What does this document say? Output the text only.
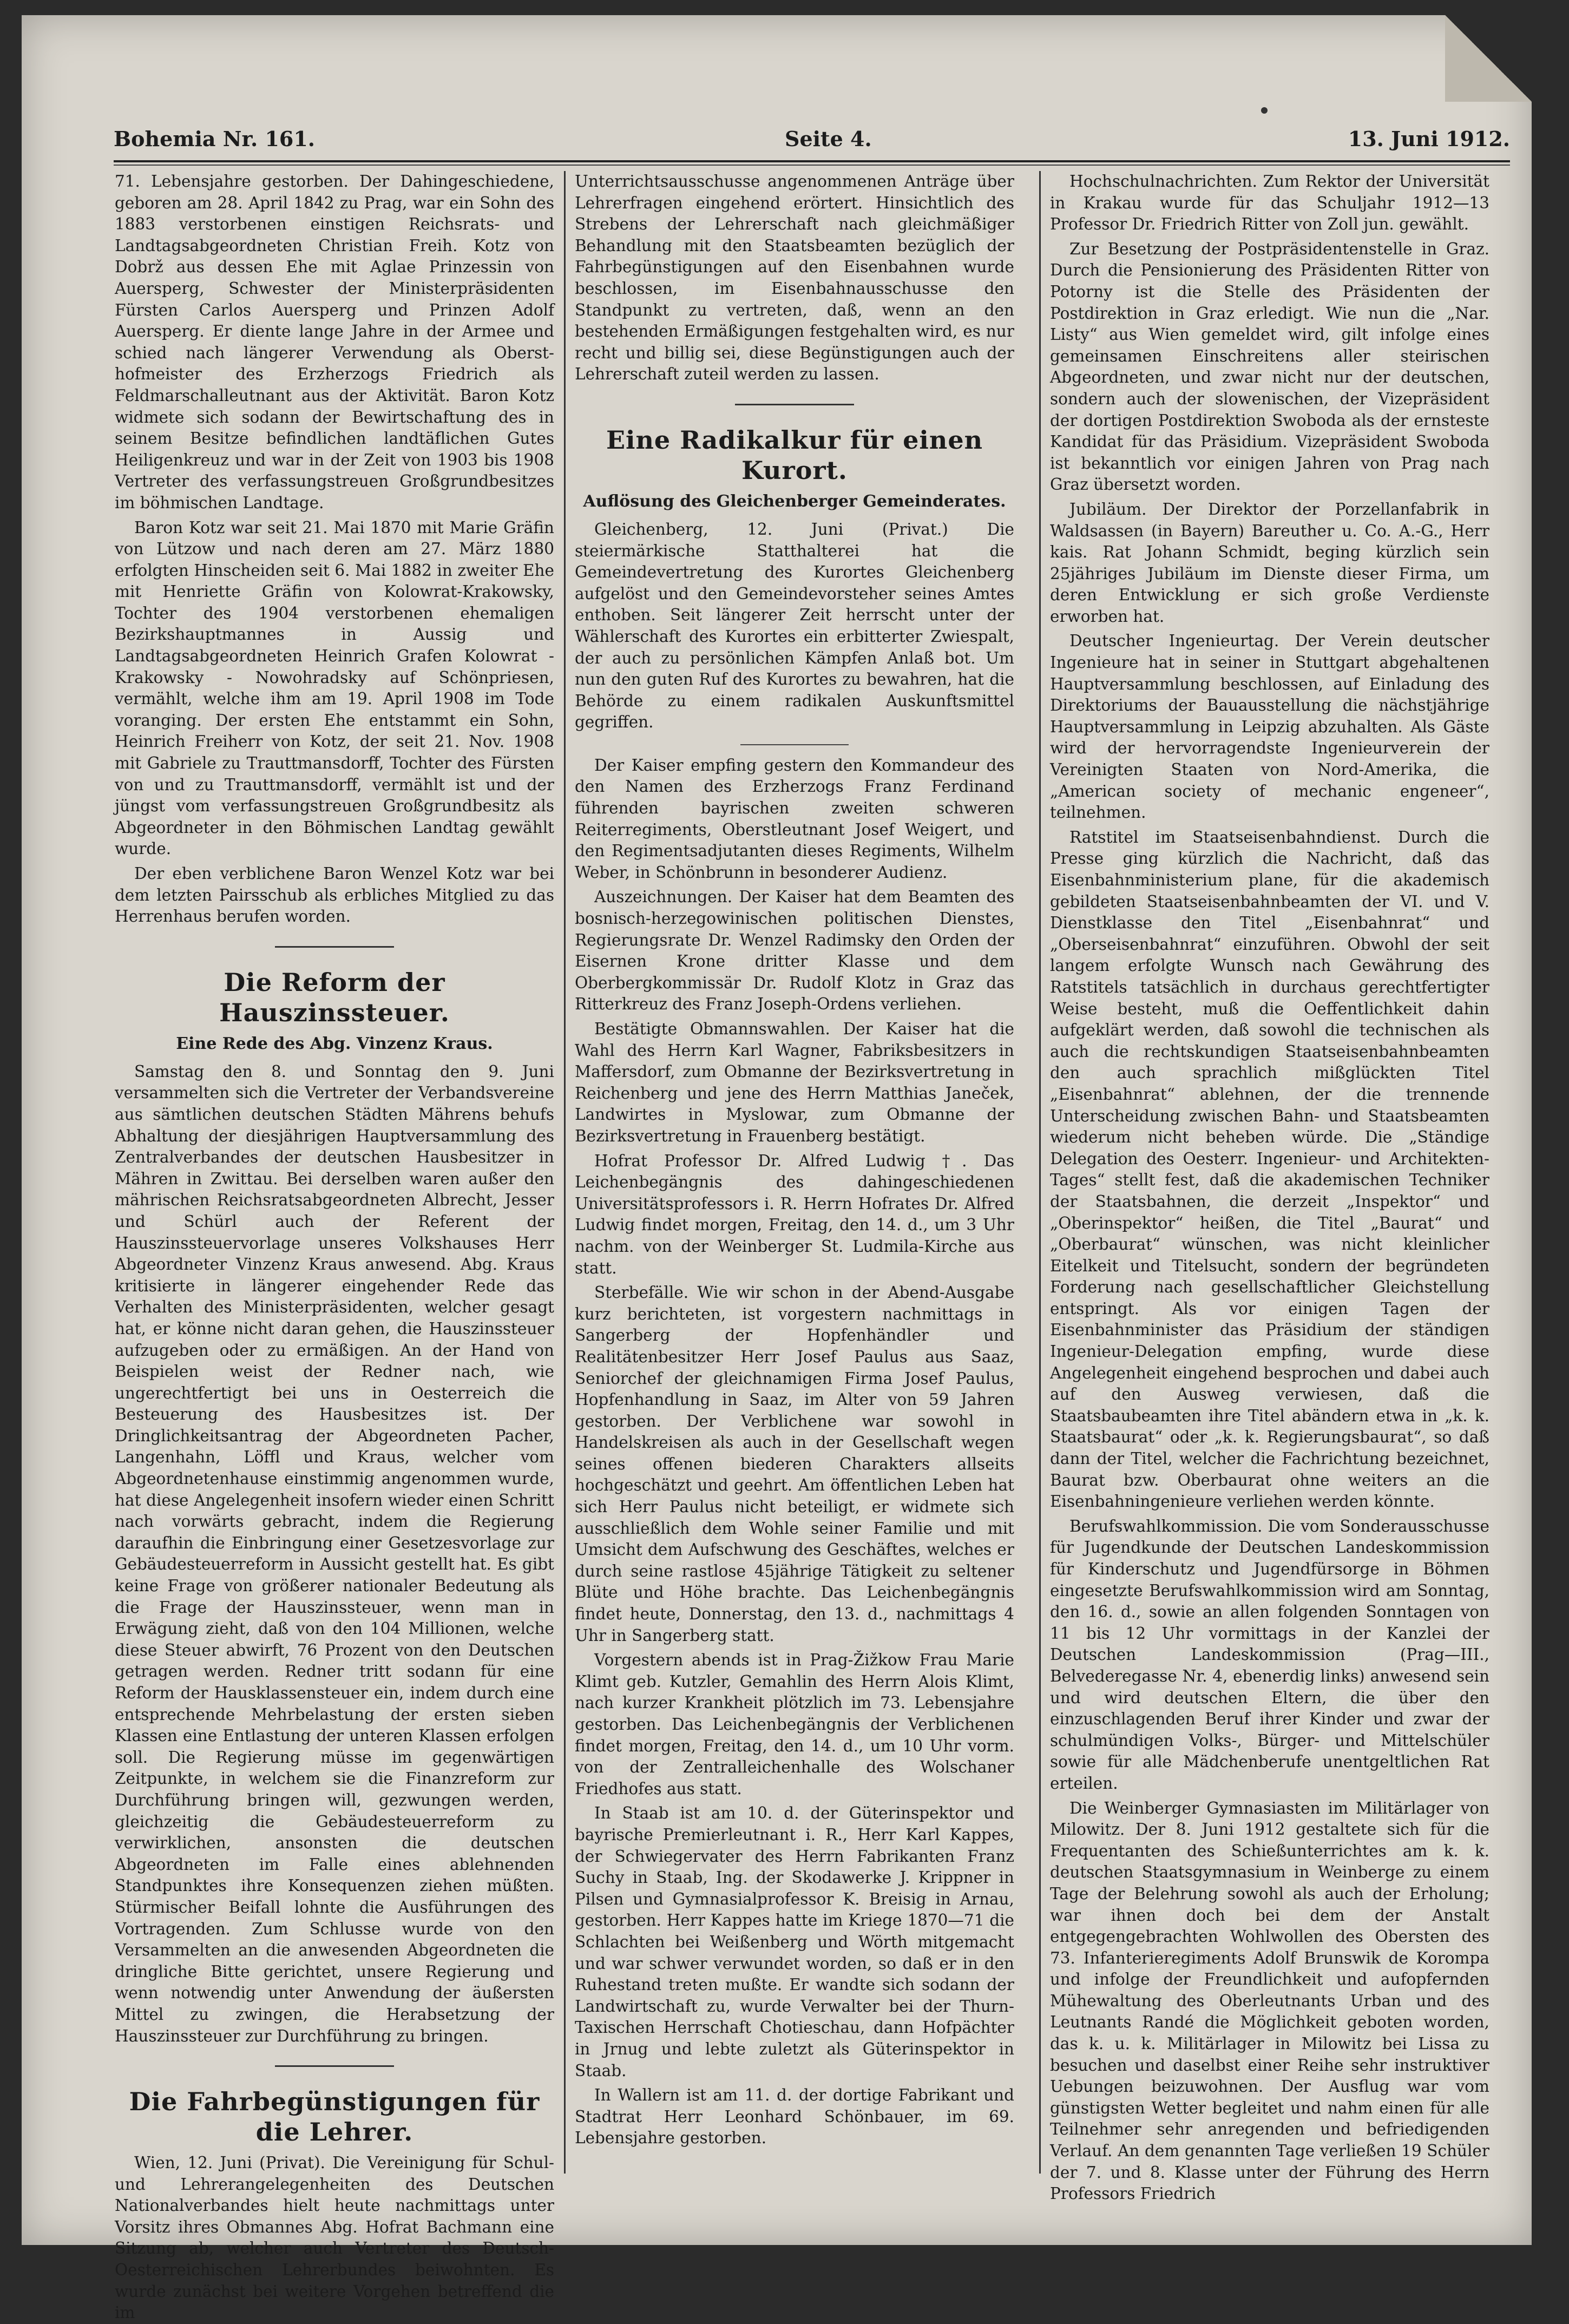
Bohemia Nr. 161.	Seite 4.	13. Juni 1912.

71. Lebensjahre gestorben. Der Dahingeschiedene, geboren am 28. April 1842 zu Prag, war ein Sohn des 1883 verstorbenen einstigen Reichsrats- und Landtagsabgeordneten Christian Freih. Kotz von Dobrž aus dessen Ehe mit Aglae Prinzessin von Auersperg, Schwester der Ministerpräsidenten Fürsten Carlos Auersperg und Prinzen Adolf Auersperg. Er diente lange Jahre in der Armee und schied nach längerer Verwendung als Oberst-hofmeister des Erzherzogs Friedrich als Feldmarschalleutnant aus der Aktivität. Baron Kotz widmete sich sodann der Bewirtschaftung des in seinem Besitze befindlichen landtäflichen Gutes Heiligenkreuz und war in der Zeit von 1903 bis 1908 Vertreter des verfassungstreuen Großgrundbesitzes im böhmischen Landtage.

Baron Kotz war seit 21. Mai 1870 mit Marie Gräfin von Lützow und nach deren am 27. März 1880 erfolgten Hinscheiden seit 6. Mai 1882 in zweiter Ehe mit Henriette Gräfin von Kolowrat-Krakowsky, Tochter des 1904 verstorbenen ehemaligen Bezirkshauptmannes in Aussig und Landtagsabgeordneten Heinrich Grafen Kolowrat - Krakowsky - Nowohradsky auf Schönpriesen, vermählt, welche ihm am 19. April 1908 im Tode voranging. Der ersten Ehe entstammt ein Sohn, Heinrich Freiherr von Kotz, der seit 21. Nov. 1908 mit Gabriele zu Trauttmansdorff, Tochter des Fürsten von und zu Trauttmansdorff, vermählt ist und der jüngst vom verfassungstreuen Großgrundbesitz als Abgeordneter in den Böhmischen Landtag gewählt wurde.

Der eben verblichene Baron Wenzel Kotz war bei dem letzten Pairsschub als erbliches Mitglied zu das Herrenhaus berufen worden.

Die Reform der Hauszinssteuer.
Eine Rede des Abg. Vinzenz Kraus.

Samstag den 8. und Sonntag den 9. Juni versammelten sich die Vertreter der Verbandsvereine aus sämtlichen deutschen Städten Mährens behufs Abhaltung der diesjährigen Hauptversammlung des Zentralverbandes der deutschen Hausbesitzer in Mähren in Zwittau. Bei derselben waren außer den mährischen Reichsratsabgeordneten Albrecht, Jesser und Schürl auch der Referent der Hauszinssteuervorlage unseres Volkshauses Herr Abgeordneter Vinzenz Kraus anwesend. Abg. Kraus kritisierte in längerer eingehender Rede das Verhalten des Ministerpräsidenten, welcher gesagt hat, er könne nicht daran gehen, die Hauszinssteuer aufzugeben oder zu ermäßigen. An der Hand von Beispielen weist der Redner nach, wie ungerechtfertigt bei uns in Oesterreich die Besteuerung des Hausbesitzes ist. Der Dringlichkeitsantrag der Abgeordneten Pacher, Langenhahn, Löffl und Kraus, welcher vom Abgeordnetenhause einstimmig angenommen wurde, hat diese Angelegenheit insofern wieder einen Schritt nach vorwärts gebracht, indem die Regierung daraufhin die Einbringung einer Gesetzesvorlage zur Gebäudesteuerreform in Aussicht gestellt hat. Es gibt keine Frage von größerer nationaler Bedeutung als die Frage der Hauszinssteuer, wenn man in Erwägung zieht, daß von den 104 Millionen, welche diese Steuer abwirft, 76 Prozent von den Deutschen getragen werden. Redner tritt sodann für eine Reform der Hausklassensteuer ein, indem durch eine entsprechende Mehrbelastung der ersten sieben Klassen eine Entlastung der unteren Klassen erfolgen soll. Die Regierung müsse im gegenwärtigen Zeitpunkte, in welchem sie die Finanzreform zur Durchführung bringen will, gezwungen werden, gleichzeitig die Gebäudesteuerreform zu verwirklichen, ansonsten die deutschen Abgeordneten im Falle eines ablehnenden Standpunktes ihre Konsequenzen ziehen müßten. Stürmischer Beifall lohnte die Ausführungen des Vortragenden. Zum Schlusse wurde von den Versammelten an die anwesenden Abgeordneten die dringliche Bitte gerichtet, unsere Regierung und wenn notwendig unter Anwendung der äußersten Mittel zu zwingen, die Herabsetzung der Hauszinssteuer zur Durchführung zu bringen.

Die Fahrbegünstigungen für die Lehrer.

Wien, 12. Juni (Privat). Die Vereinigung für Schul- und Lehrerangelegenheiten des Deutschen Nationalverbandes hielt heute nachmittags unter Vorsitz ihres Obmannes Abg. Hofrat Bachmann eine Sitzung ab, welcher auch Vertreter des Deutsch-Oesterreichischen Lehrerbundes beiwohnten. Es wurde zunächst bei weitere Vorgehen betreffend die im

Unterrichtsausschusse angenommenen Anträge über Lehrerfragen eingehend erörtert. Hinsichtlich des Strebens der Lehrerschaft nach gleichmäßiger Behandlung mit den Staatsbeamten bezüglich der Fahrbegünstigungen auf den Eisenbahnen wurde beschlossen, im Eisenbahnausschusse den Standpunkt zu vertreten, daß, wenn an den bestehenden Ermäßigungen festgehalten wird, es nur recht und billig sei, diese Begünstigungen auch der Lehrerschaft zuteil werden zu lassen.

Eine Radikalkur für einen Kurort.
Auflösung des Gleichenberger Gemeinderates.

Gleichenberg, 12. Juni (Privat.) Die steiermärkische Statthalterei hat die Gemeindevertretung des Kurortes Gleichenberg aufgelöst und den Gemeindevorsteher seines Amtes enthoben. Seit längerer Zeit herrscht unter der Wählerschaft des Kurortes ein erbitterter Zwiespalt, der auch zu persönlichen Kämpfen Anlaß bot. Um nun den guten Ruf des Kurortes zu bewahren, hat die Behörde zu einem radikalen Auskunftsmittel gegriffen.

Der Kaiser empfing gestern den Kommandeur des den Namen des Erzherzogs Franz Ferdinand führenden bayrischen zweiten schweren Reiterregiments, Oberstleutnant Josef Weigert, und den Regimentsadjutanten dieses Regiments, Wilhelm Weber, in Schönbrunn in besonderer Audienz.

Auszeichnungen. Der Kaiser hat dem Beamten des bosnisch-herzegowinischen politischen Dienstes, Regierungsrate Dr. Wenzel Radimsky den Orden der Eisernen Krone dritter Klasse und dem Oberbergkommissär Dr. Rudolf Klotz in Graz das Ritterkreuz des Franz Joseph-Ordens verliehen.

Bestätigte Obmannswahlen. Der Kaiser hat die Wahl des Herrn Karl Wagner, Fabriksbesitzers in Maffersdorf, zum Obmanne der Bezirksvertretung in Reichenberg und jene des Herrn Matthias Janeček, Landwirtes in Myslowar, zum Obmanne der Bezirksvertretung in Frauenberg bestätigt.

Hofrat Professor Dr. Alfred Ludwig †. Das Leichenbegängnis des dahingeschiedenen Universitätsprofessors i. R. Herrn Hofrates Dr. Alfred Ludwig findet morgen, Freitag, den 14. d., um 3 Uhr nachm. von der Weinberger St. Ludmila-Kirche aus statt.

Sterbefälle. Wie wir schon in der Abend-Ausgabe kurz berichteten, ist vorgestern nachmittags in Sangerberg der Hopfenhändler und Realitätenbesitzer Herr Josef Paulus aus Saaz, Seniorchef der gleichnamigen Firma Josef Paulus, Hopfenhandlung in Saaz, im Alter von 59 Jahren gestorben. Der Verblichene war sowohl in Handelskreisen als auch in der Gesellschaft wegen seines offenen biederen Charakters allseits hochgeschätzt und geehrt. Am öffentlichen Leben hat sich Herr Paulus nicht beteiligt, er widmete sich ausschließlich dem Wohle seiner Familie und mit Umsicht dem Aufschwung des Geschäftes, welches er durch seine rastlose 45jährige Tätigkeit zu seltener Blüte und Höhe brachte. Das Leichenbegängnis findet heute, Donnerstag, den 13. d., nachmittags 4 Uhr in Sangerberg statt.

Vorgestern abends ist in Prag-Žižkow Frau Marie Klimt geb. Kutzler, Gemahlin des Herrn Alois Klimt, nach kurzer Krankheit plötzlich im 73. Lebensjahre gestorben. Das Leichenbegängnis der Verblichenen findet morgen, Freitag, den 14. d., um 10 Uhr vorm. von der Zentralleichenhalle des Wolschaner Friedhofes aus statt.

In Staab ist am 10. d. der Güterinspektor und bayrische Premierleutnant i. R., Herr Karl Kappes, der Schwiegervater des Herrn Fabrikanten Franz Suchy in Staab, Ing. der Skodawerke J. Krippner in Pilsen und Gymnasialprofessor K. Breisig in Arnau, gestorben. Herr Kappes hatte im Kriege 1870—71 die Schlachten bei Weißenberg und Wörth mitgemacht und war schwer verwundet worden, so daß er in den Ruhestand treten mußte. Er wandte sich sodann der Landwirtschaft zu, wurde Verwalter bei der Thurn-Taxischen Herrschaft Chotieschau, dann Hofpächter in Jrnug und lebte zuletzt als Güterinspektor in Staab.

In Wallern ist am 11. d. der dortige Fabrikant und Stadtrat Herr Leonhard Schönbauer, im 69. Lebensjahre gestorben.

Hochschulnachrichten. Zum Rektor der Universität in Krakau wurde für das Schuljahr 1912—13 Professor Dr. Friedrich Ritter von Zoll jun. gewählt.

Zur Besetzung der Postpräsidentenstelle in Graz. Durch die Pensionierung des Präsidenten Ritter von Potorny ist die Stelle des Präsidenten der Postdirektion in Graz erledigt. Wie nun die „Nar. Listy“ aus Wien gemeldet wird, gilt infolge eines gemeinsamen Einschreitens aller steirischen Abgeordneten, und zwar nicht nur der deutschen, sondern auch der slowenischen, der Vizepräsident der dortigen Postdirektion Swoboda als der ernsteste Kandidat für das Präsidium. Vizepräsident Swoboda ist bekanntlich vor einigen Jahren von Prag nach Graz übersetzt worden.

Jubiläum. Der Direktor der Porzellanfabrik in Waldsassen (in Bayern) Bareuther u. Co. A.-G., Herr kais. Rat Johann Schmidt, beging kürzlich sein 25jähriges Jubiläum im Dienste dieser Firma, um deren Entwicklung er sich große Verdienste erworben hat.

Deutscher Ingenieurtag. Der Verein deutscher Ingenieure hat in seiner in Stuttgart abgehaltenen Hauptversammlung beschlossen, auf Einladung des Direktoriums der Bauausstellung die nächstjährige Hauptversammlung in Leipzig abzuhalten. Als Gäste wird der hervorragendste Ingenieurverein der Vereinigten Staaten von Nord-Amerika, die „American society of mechanic engeneer“, teilnehmen.

Ratstitel im Staatseisenbahndienst. Durch die Presse ging kürzlich die Nachricht, daß das Eisenbahnministerium plane, für die akademisch gebildeten Staatseisenbahnbeamten der VI. und V. Dienstklasse den Titel „Eisenbahnrat“ und „Oberseisenbahnrat“ einzuführen. Obwohl der seit langem erfolgte Wunsch nach Gewährung des Ratstitels tatsächlich in durchaus gerechtfertigter Weise besteht, muß die Oeffentlichkeit dahin aufgeklärt werden, daß sowohl die technischen als auch die rechtskundigen Staatseisenbahnbeamten den auch sprachlich mißglückten Titel „Eisenbahnrat“ ablehnen, der die trennende Unterscheidung zwischen Bahn- und Staatsbeamten wiederum nicht beheben würde. Die „Ständige Delegation des Oesterr. Ingenieur- und Architekten-Tages“ stellt fest, daß die akademischen Techniker der Staatsbahnen, die derzeit „Inspektor“ und „Oberinspektor“ heißen, die Titel „Baurat“ und „Oberbaurat“ wünschen, was nicht kleinlicher Eitelkeit und Titelsucht, sondern der begründeten Forderung nach gesellschaftlicher Gleichstellung entspringt. Als vor einigen Tagen der Eisenbahnminister das Präsidium der ständigen Ingenieur-Delegation empfing, wurde diese Angelegenheit eingehend besprochen und dabei auch auf den Ausweg verwiesen, daß die Staatsbaubeamten ihre Titel abändern etwa in „k. k. Staatsbaurat“ oder „k. k. Regierungsbaurat“, so daß dann der Titel, welcher die Fachrichtung bezeichnet, Baurat bzw. Oberbaurat ohne weiters an die Eisenbahningenieure verliehen werden könnte.

Berufswahlkommission. Die vom Sonderausschusse für Jugendkunde der Deutschen Landeskommission für Kinderschutz und Jugendfürsorge in Böhmen eingesetzte Berufswahlkommission wird am Sonntag, den 16. d., sowie an allen folgenden Sonntagen von 11 bis 12 Uhr vormittags in der Kanzlei der Deutschen Landeskommission (Prag—III., Belvederegasse Nr. 4, ebenerdig links) anwesend sein und wird deutschen Eltern, die über den einzuschlagenden Beruf ihrer Kinder und zwar der schulmündigen Volks-, Bürger- und Mittelschüler sowie für alle Mädchenberufe unentgeltlichen Rat erteilen.

Die Weinberger Gymnasiasten im Militärlager von Milowitz. Der 8. Juni 1912 gestaltete sich für die Frequentanten des Schießunterrichtes am k. k. deutschen Staatsgymnasium in Weinberge zu einem Tage der Belehrung sowohl als auch der Erholung; war ihnen doch bei dem der Anstalt entgegengebrachten Wohlwollen des Obersten des 73. Infanterieregiments Adolf Brunswik de Korompa und infolge der Freundlichkeit und aufopfernden Mühewaltung des Oberleutnants Urban und des Leutnants Randé die Möglichkeit geboten worden, das k. u. k. Militärlager in Milowitz bei Lissa zu besuchen und daselbst einer Reihe sehr instruktiver Uebungen beizuwohnen. Der Ausflug war vom günstigsten Wetter begleitet und nahm einen für alle Teilnehmer sehr anregenden und befriedigenden Verlauf. An dem genannten Tage verließen 19 Schüler der 7. und 8. Klasse unter der Führung des Herrn Professors Friedrich
